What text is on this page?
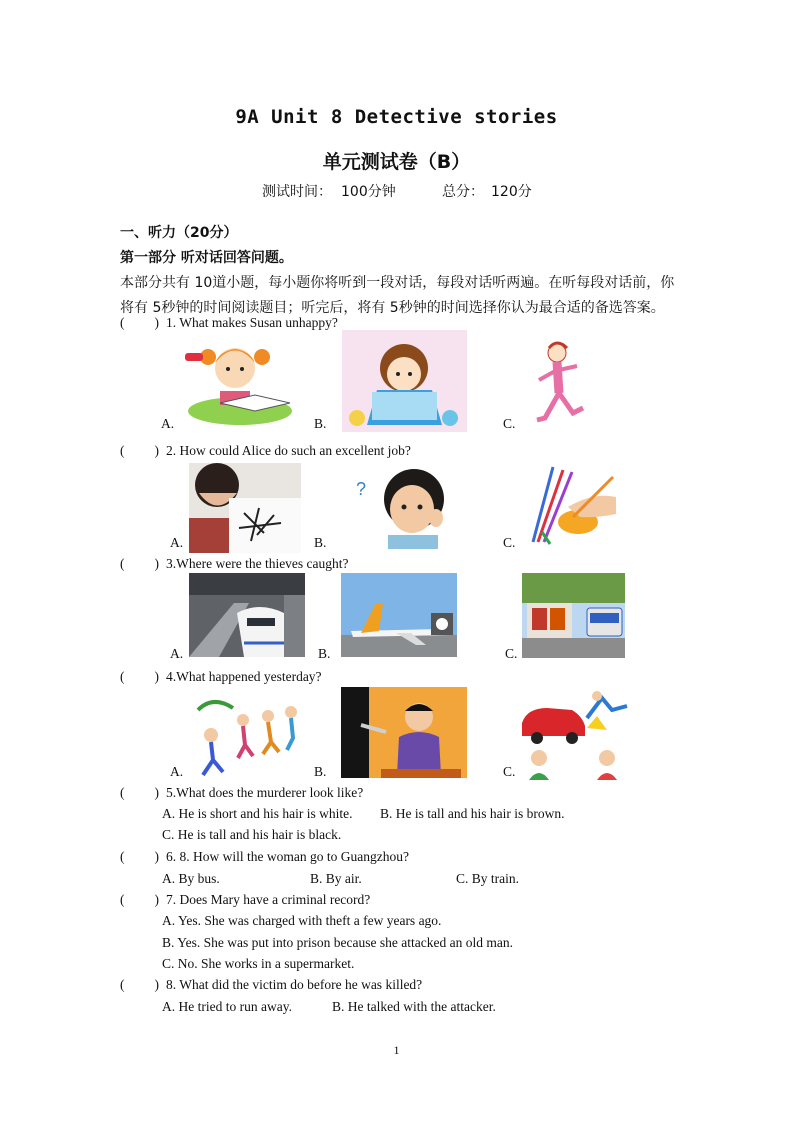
9A Unit 8 Detective stories
单元测试卷（B）
测试时间： 100分钟	总分： 120分
一、听力（20分）
第一部分 听对话回答问题。
本部分共有 10道小题，每小题你将听到一段对话，每段对话听两遍。在听每段对话前，你
将有 5秒钟的时间阅读题目；听完后，将有 5秒钟的时间选择你认为最合适的备选答案。
( ) 1. What makes Susan unhappy?
A.	B.	C.
( ) 2. How could Alice do such an excellent job?
A.	B.	C.
?
( ) 3.Where were the thieves caught?
A.	B.	C.
( ) 4.What happened yesterday?
A.	B.	C.
( ) 5.What does the murderer look like?
A. He is short and his hair is white. B. He is tall and his hair is brown.
C. He is tall and his hair is black.
( ) 6. 8. How will the woman go to Guangzhou?
A. By bus.	B. By air.	C. By train.
( ) 7. Does Mary have a criminal record?
A. Yes. She was charged with theft a few years ago.
B. Yes. She was put into prison because she attacked an old man.
C. No. She works in a supermarket.
( ) 8. What did the victim do before he was killed?
A. He tried to run away.	B. He talked with the attacker.
1
